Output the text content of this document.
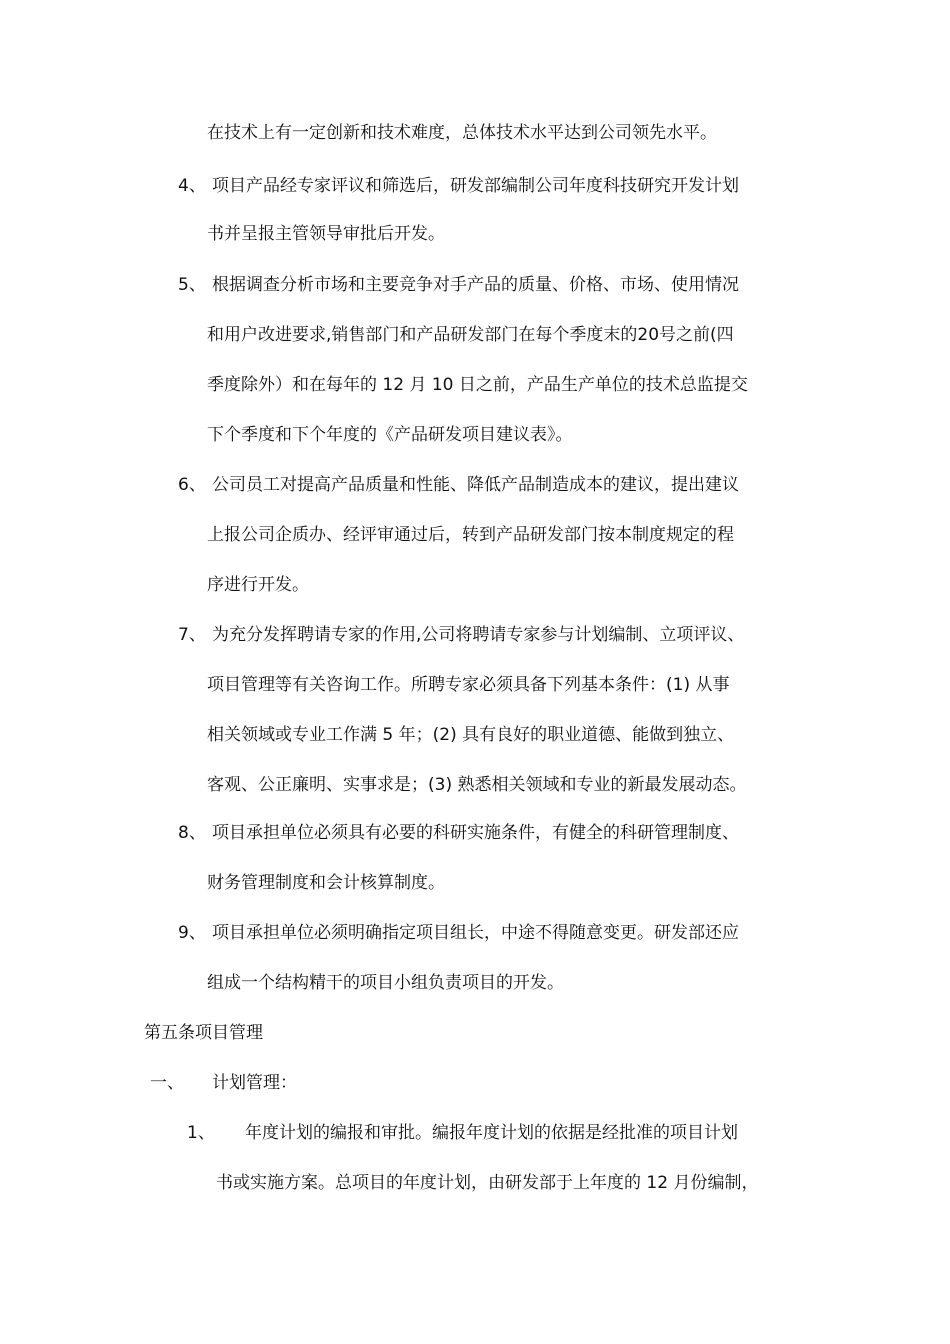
在技术上有一定创新和技术难度，总体技术水平达到公司领先水平。
4、 项目产品经专家评议和筛选后，研发部编制公司年度科技研究开发计划
书并呈报主管领导审批后开发。
5、 根据调查分析市场和主要竞争对手产品的质量、价格、市场、使用情况
和用户改进要求,销售部门和产品研发部门在每个季度末的20号之前(四
季度除外）和在每年的 12 月 10 日之前，产品生产单位的技术总监提交
下个季度和下个年度的《产品研发项目建议表》。
6、 公司员工对提高产品质量和性能、降低产品制造成本的建议，提出建议
上报公司企质办、经评审通过后，转到产品研发部门按本制度规定的程
序进行开发。
7、 为充分发挥聘请专家的作用,公司将聘请专家参与计划编制、立项评议、
项目管理等有关咨询工作。所聘专家必须具备下列基本条件：(1) 从事
相关领域或专业工作满 5 年；(2) 具有良好的职业道德、能做到独立、
客观、公正廉明、实事求是；(3) 熟悉相关领域和专业的新最发展动态。
8、 项目承担单位必须具有必要的科研实施条件，有健全的科研管理制度、
财务管理制度和会计核算制度。
9、 项目承担单位必须明确指定项目组长，中途不得随意变更。研发部还应
组成一个结构精干的项目小组负责项目的开发。
第五条项目管理
一、 计划管理：
1、 年度计划的编报和审批。编报年度计划的依据是经批准的项目计划
书或实施方案。总项目的年度计划，由研发部于上年度的 12 月份编制，
